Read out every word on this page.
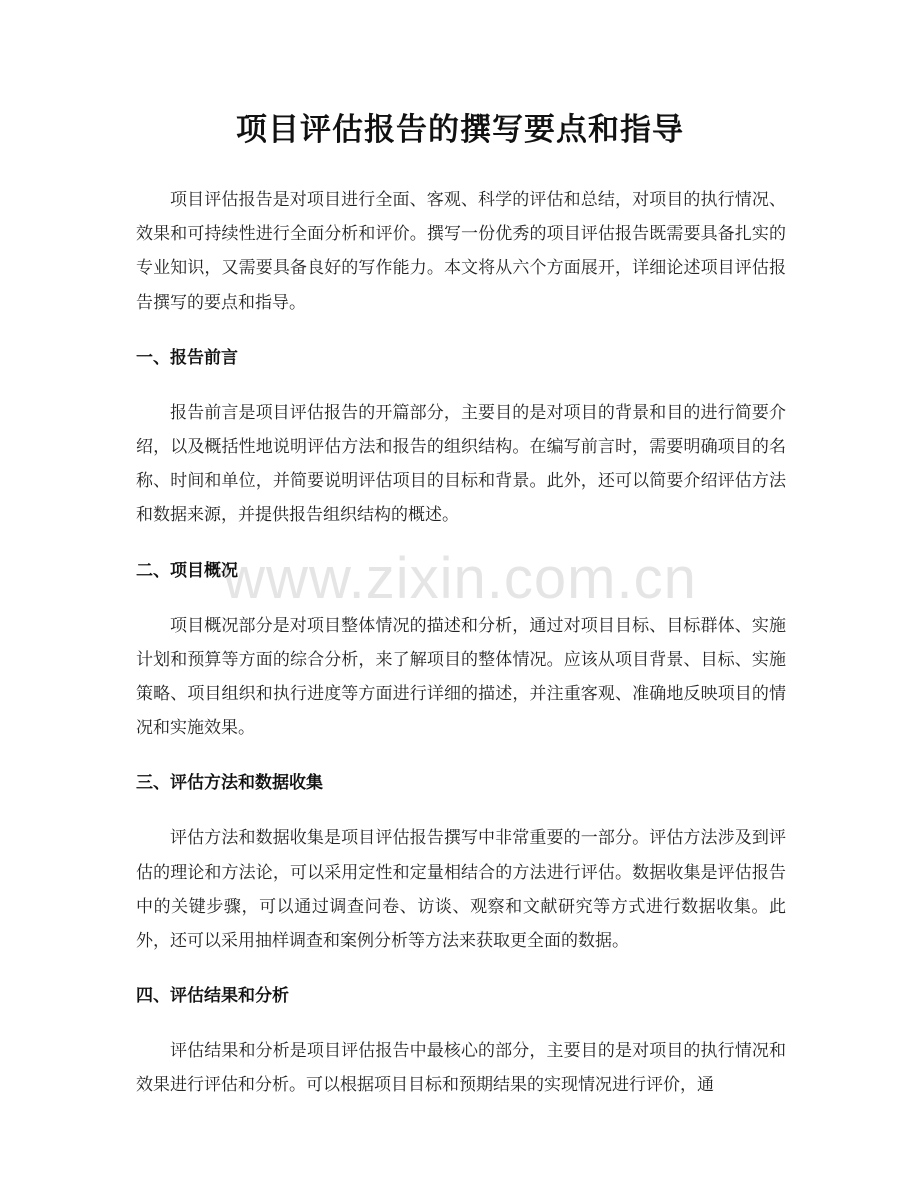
项目评估报告的撰写要点和指导

项目评估报告是对项目进行全面、客观、科学的评估和总结，对项目的执行情况、效果和可持续性进行全面分析和评价。撰写一份优秀的项目评估报告既需要具备扎实的专业知识，又需要具备良好的写作能力。本文将从六个方面展开，详细论述项目评估报告撰写的要点和指导。

一、报告前言

报告前言是项目评估报告的开篇部分，主要目的是对项目的背景和目的进行简要介绍，以及概括性地说明评估方法和报告的组织结构。在编写前言时，需要明确项目的名称、时间和单位，并简要说明评估项目的目标和背景。此外，还可以简要介绍评估方法和数据来源，并提供报告组织结构的概述。

二、项目概况

项目概况部分是对项目整体情况的描述和分析，通过对项目目标、目标群体、实施计划和预算等方面的综合分析，来了解项目的整体情况。应该从项目背景、目标、实施策略、项目组织和执行进度等方面进行详细的描述，并注重客观、准确地反映项目的情况和实施效果。

三、评估方法和数据收集

评估方法和数据收集是项目评估报告撰写中非常重要的一部分。评估方法涉及到评估的理论和方法论，可以采用定性和定量相结合的方法进行评估。数据收集是评估报告中的关键步骤，可以通过调查问卷、访谈、观察和文献研究等方式进行数据收集。此外，还可以采用抽样调查和案例分析等方法来获取更全面的数据。

四、评估结果和分析

评估结果和分析是项目评估报告中最核心的部分，主要目的是对项目的执行情况和效果进行评估和分析。可以根据项目目标和预期结果的实现情况进行评价，通

www.zixin.com.cn
